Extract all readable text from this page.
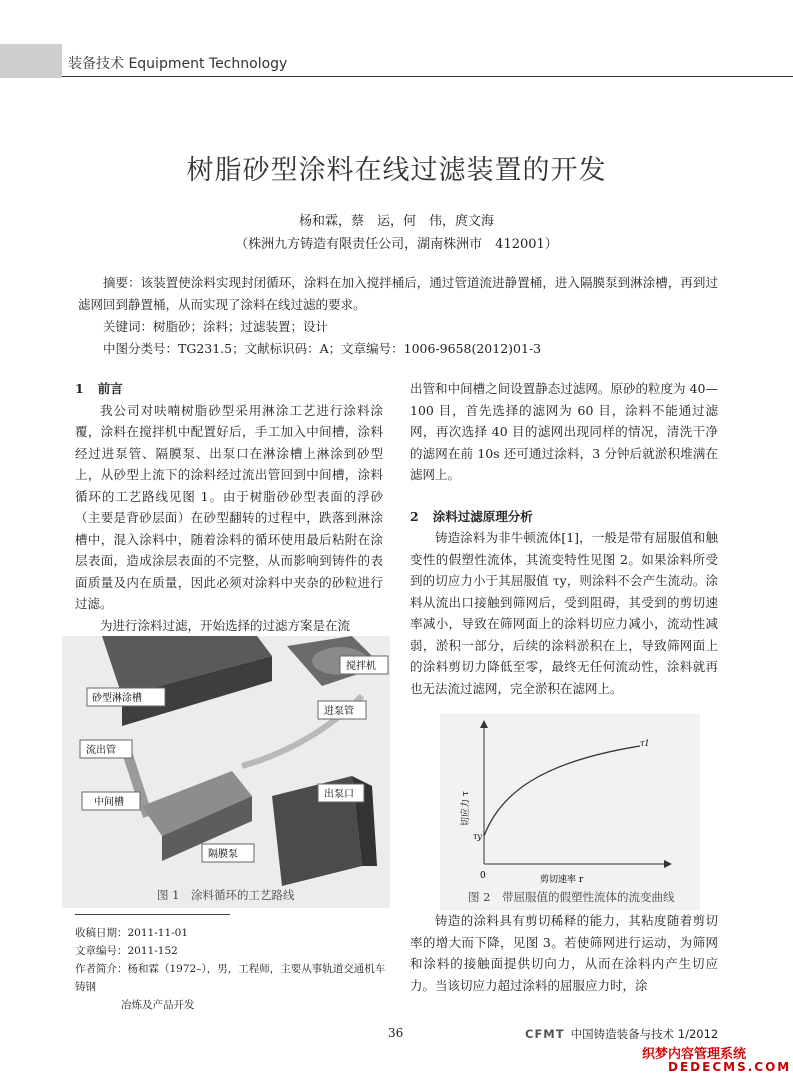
装备技术 Equipment Technology
树脂砂型涂料在线过滤装置的开发
杨和霖，蔡　运，何　伟，庹文海
（株洲九方铸造有限责任公司，湖南株洲市　412001）

摘要：该装置使涂料实现封闭循环，涂料在加入搅拌桶后，通过管道流进静置桶，进入隔膜泵到淋涂槽，再到过滤网回到静置桶，从而实现了涂料在线过滤的要求。

关键词：树脂砂；涂料；过滤装置；设计

中图分类号：TG231.5；文献标识码：A；文章编号：1006-9658(2012)01-3

1 前言

我公司对呋喃树脂砂型采用淋涂工艺进行涂料涂覆，涂料在搅拌机中配置好后，手工加入中间槽，涂料经过进泵管、隔膜泵、出泵口在淋涂槽上淋涂到砂型上，从砂型上流下的涂料经过流出管回到中间槽，涂料循环的工艺路线见图 1。由于树脂砂砂型表面的浮砂（主要是背砂层面）在砂型翻转的过程中，跌落到淋涂槽中，混入涂料中，随着涂料的循环使用最后粘附在涂层表面，造成涂层表面的不完整，从而影响到铸件的表面质量及内在质量，因此必须对涂料中夹杂的砂粒进行过滤。

为进行涂料过滤，开始选择的过滤方案是在流

搅拌机
砂型淋涂槽
进泵管
流出管
中间槽
出泵口
隔膜泵
图 1　涂料循环的工艺路线

出管和中间槽之间设置静态过滤网。原砂的粒度为 40—100 目，首先选择的滤网为 60 目，涂料不能通过滤网，再次选择 40 目的滤网出现同样的情况，清洗干净的滤网在前 10s 还可通过涂料，3 分钟后就淤积堆满在滤网上。

2 涂料过滤原理分析

铸造涂料为非牛顿流体[1]，一般是带有屈服值和触变性的假塑性流体，其流变特性见图 2。如果涂料所受到的切应力小于其屈服值 τy，则涂料不会产生流动。涂料从流出口接触到筛网后，受到阻碍，其受到的剪切速率减小，导致在筛网面上的涂料切应力减小，流动性减弱，淤积一部分，后续的涂料淤积在上，导致筛网面上的涂料剪切力降低至零，最终无任何流动性，涂料就再也无法流过滤网，完全淤积在滤网上。

τ1
τy
0	剪切速率 r
切应力 τ
图 2　带屈服值的假塑性流体的流变曲线

铸造的涂料具有剪切稀释的能力，其粘度随着剪切率的增大而下降，见图 3。若使筛网进行运动，为筛网和涂料的接触面提供切向力，从而在涂料内产生切应力。当该切应力超过涂料的屈服应力时，涂

收稿日期：2011-11-01

文章编号：2011-152

作者简介：杨和霖（1972–），男，工程师，主要从事轨道交通机车铸钢

冶炼及产品开发

36	CFMT 中国铸造装备与技术 1/2012
织梦内容管理系统
DEDECMS.COM
